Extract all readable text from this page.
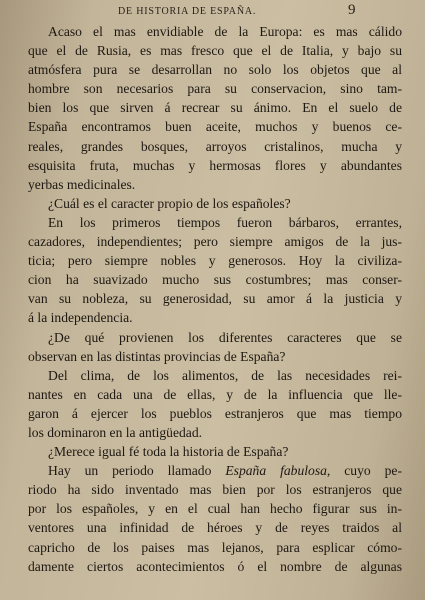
DE HISTORIA DE ESPAÑA.	9

Acaso el mas envidiable de la Europa: es mas cálido
que el de Rusia, es mas fresco que el de Italia, y bajo su
atmósfera pura se desarrollan no solo los objetos que al
hombre son necesarios para su conservacion, sino tam-
bien los que sirven á recrear su ánimo. En el suelo de
España encontramos buen aceite, muchos y buenos ce-
reales, grandes bosques, arroyos cristalinos, mucha y
esquisita fruta, muchas y hermosas flores y abundantes
yerbas medicinales.

¿Cuál es el caracter propio de los españoles?

En los primeros tiempos fueron bárbaros, errantes,
cazadores, independientes; pero siempre amigos de la jus-
ticia; pero siempre nobles y generosos. Hoy la civiliza-
cion ha suavizado mucho sus costumbres; mas conser-
van su nobleza, su generosidad, su amor á la justicia y
á la independencia.

¿De qué provienen los diferentes caracteres que se
observan en las distintas provincias de España?

Del clima, de los alimentos, de las necesidades rei-
nantes en cada una de ellas, y de la influencia que lle-
garon á ejercer los pueblos estranjeros que mas tiempo
los dominaron en la antigüedad.

¿Merece igual fé toda la historia de España?

Hay un periodo llamado España fabulosa, cuyo pe-
riodo ha sido inventado mas bien por los estranjeros que
por los españoles, y en el cual han hecho figurar sus in-
ventores una infinidad de héroes y de reyes traidos al
capricho de los paises mas lejanos, para esplicar cómo-
damente ciertos acontecimientos ó el nombre de algunas
